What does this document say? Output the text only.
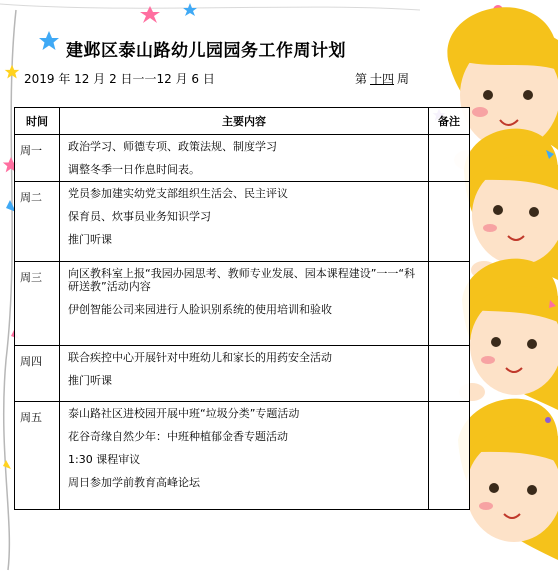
建邺区泰山路幼儿园园务工作周计划
2019 年 12 月 2 日一一12 月 6 日	第 十四 周
时间	主要内容	备注

周一	政治学习、师德专项、政策法规、制度学习
调整冬季一日作息时间表。	

周二	党员参加建实幼党支部组织生活会、民主评议
保育员、炊事员业务知识学习
推门听课	

周三	向区教科室上报“我园办园思考、教师专业发展、园本课程建设”一一“科研送教”活动内容
伊创智能公司来园进行人脸识别系统的使用培训和验收	

周四	联合疾控中心开展针对中班幼儿和家长的用药安全活动
推门听课	

周五	泰山路社区进校园开展中班“垃圾分类”专题活动
花谷奇缘自然少年：中班种植郁金香专题活动
1:30 课程审议
周日参加学前教育高峰论坛	
